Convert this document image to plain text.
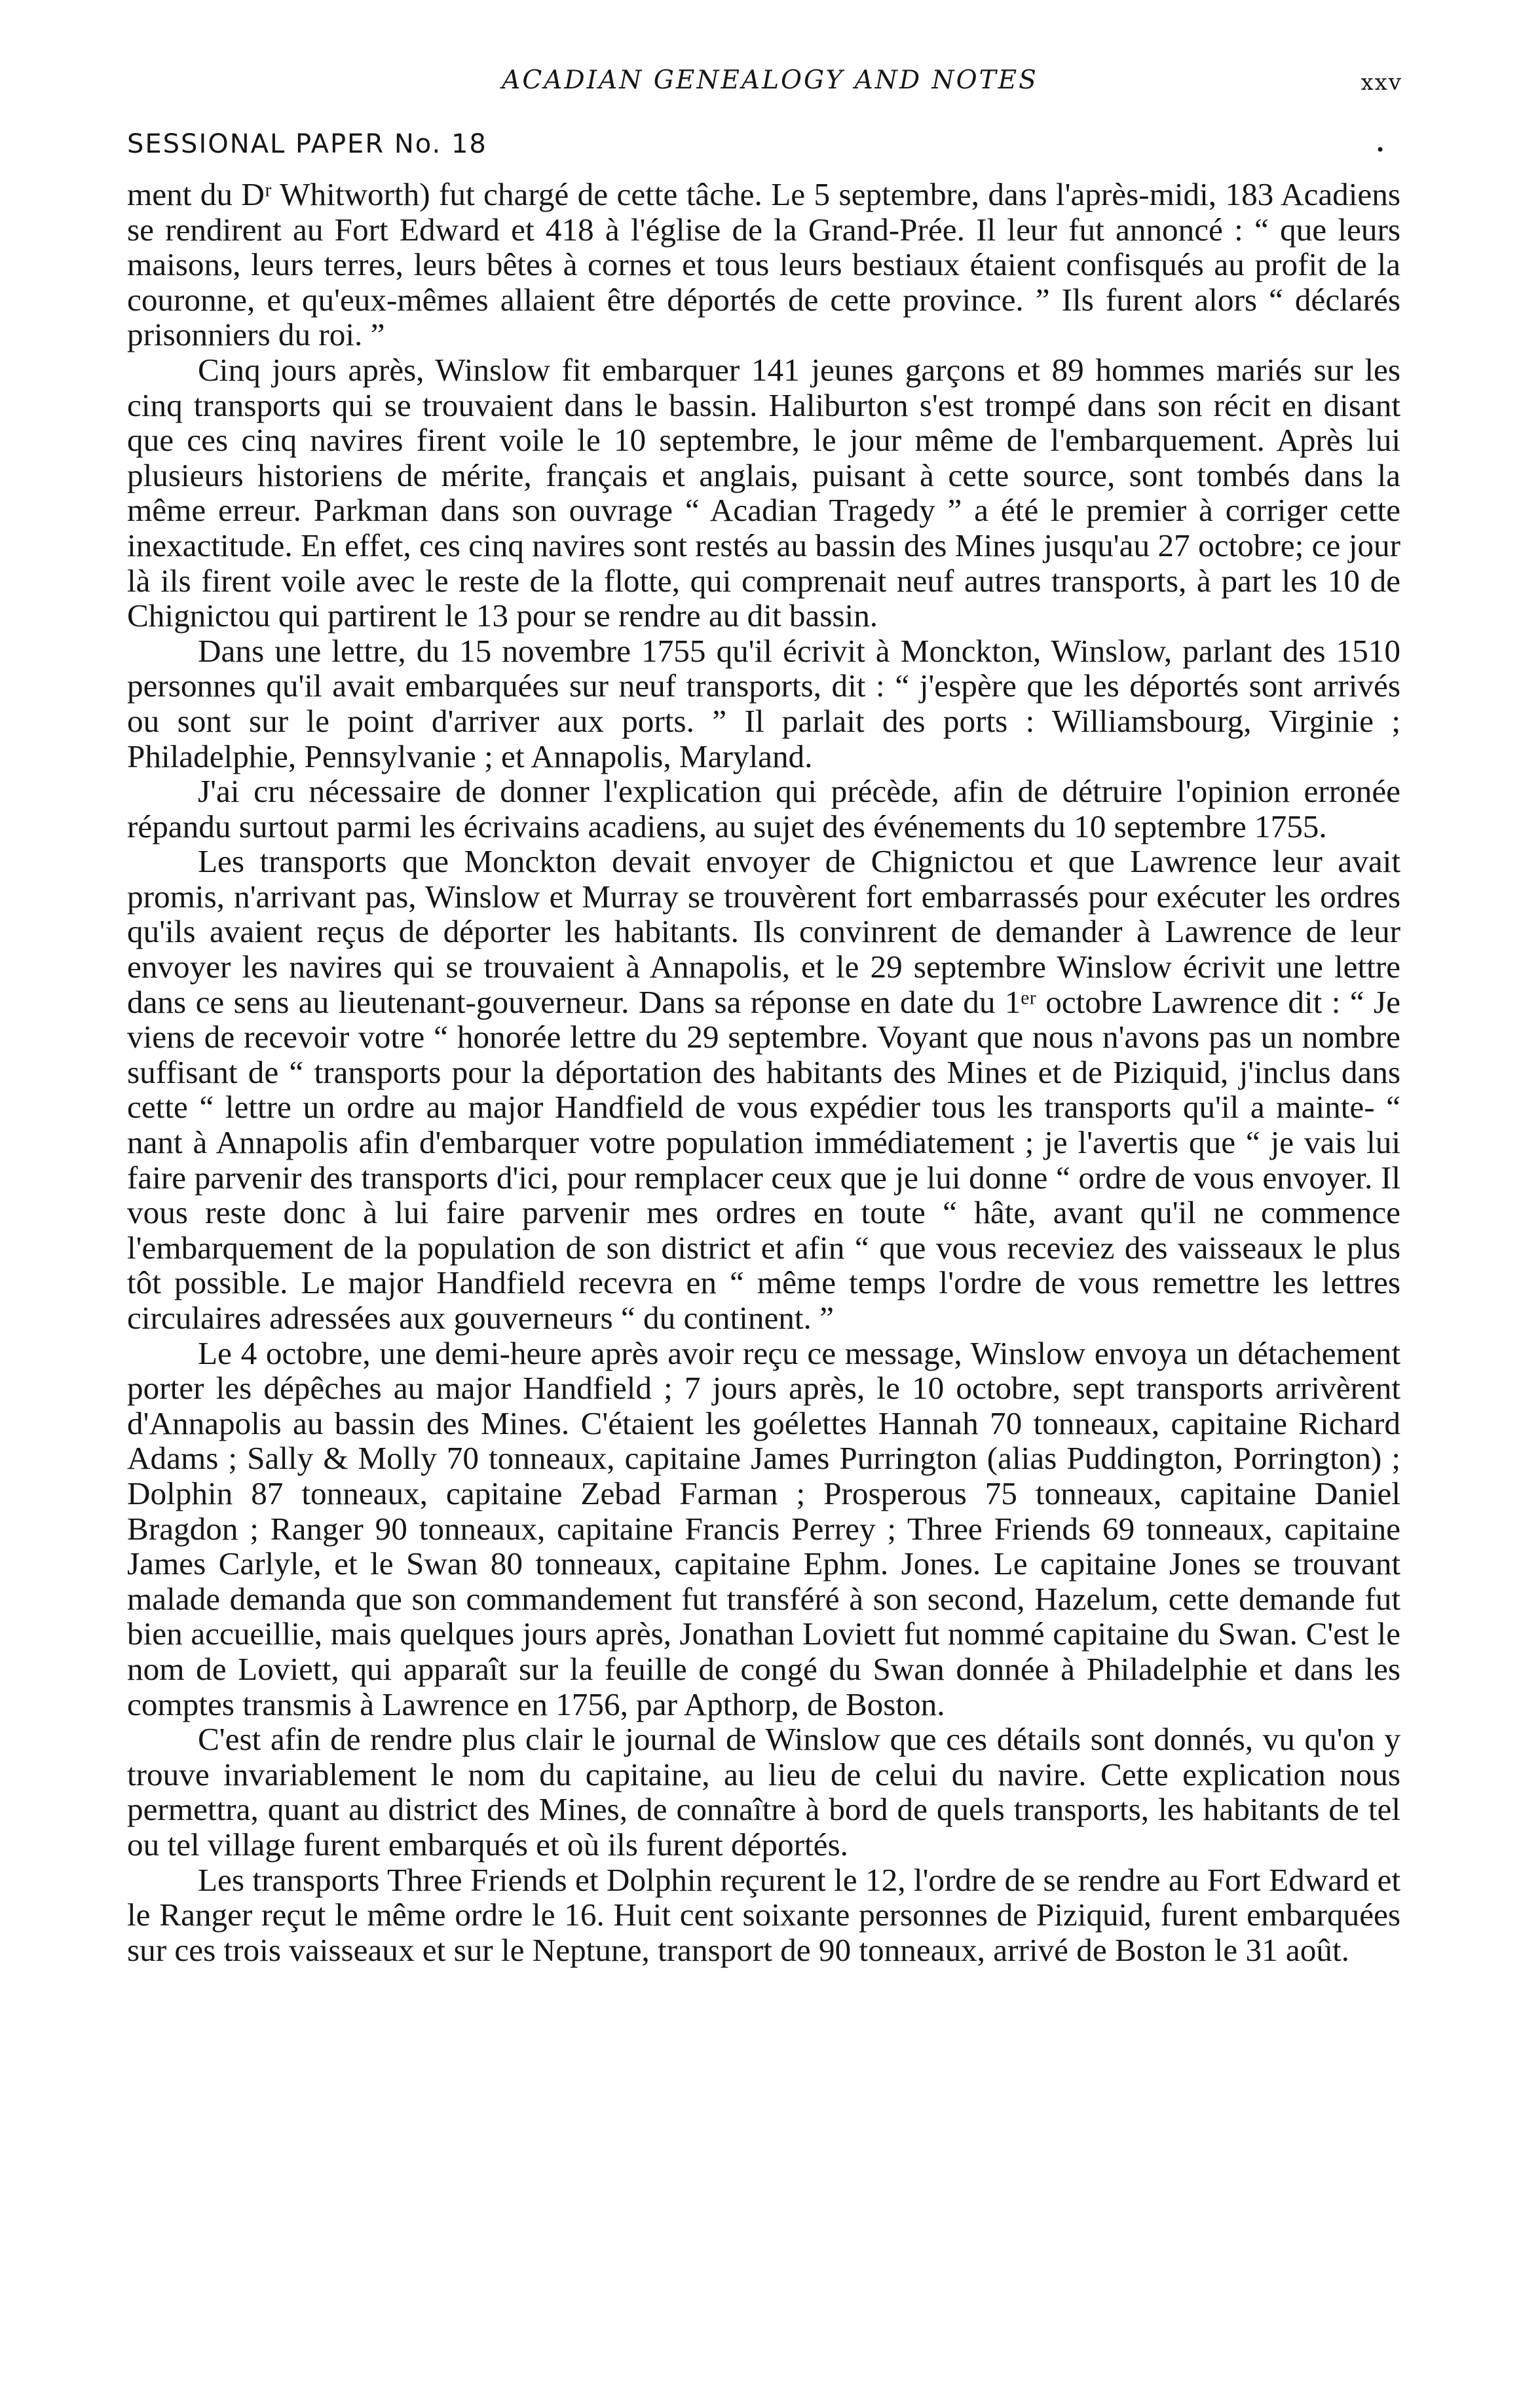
ACADIAN GENEALOGY AND NOTES	xxv
SESSIONAL PAPER No. 18	•

ment du Dʳ Whitworth) fut chargé de cette tâche. Le 5 septembre, dans l'après-midi, 183 Acadiens se rendirent au Fort Edward et 418 à l'église de la Grand-Prée. Il leur fut annoncé : “ que leurs maisons, leurs terres, leurs bêtes à cornes et tous leurs bestiaux étaient confisqués au profit de la couronne, et qu'eux-mêmes allaient être déportés de cette province. ” Ils furent alors “ déclarés prisonniers du roi. ”

Cinq jours après, Winslow fit embarquer 141 jeunes garçons et 89 hommes mariés sur les cinq transports qui se trouvaient dans le bassin. Haliburton s'est trompé dans son récit en disant que ces cinq navires firent voile le 10 septembre, le jour même de l'embarquement. Après lui plusieurs historiens de mérite, français et anglais, puisant à cette source, sont tombés dans la même erreur. Parkman dans son ouvrage “ Acadian Tragedy ” a été le premier à corriger cette inexactitude. En effet, ces cinq navires sont restés au bassin des Mines jusqu'au 27 octobre; ce jour là ils firent voile avec le reste de la flotte, qui comprenait neuf autres transports, à part les 10 de Chignictou qui partirent le 13 pour se rendre au dit bassin.

Dans une lettre, du 15 novembre 1755 qu'il écrivit à Monckton, Winslow, parlant des 1510 personnes qu'il avait embarquées sur neuf transports, dit : “ j'espère que les déportés sont arrivés ou sont sur le point d'arriver aux ports. ” Il parlait des ports : Williamsbourg, Virginie ; Philadelphie, Pennsylvanie ; et Annapolis, Maryland.

J'ai cru nécessaire de donner l'explication qui précède, afin de détruire l'opinion erronée répandu surtout parmi les écrivains acadiens, au sujet des événements du 10 septembre 1755.

Les transports que Monckton devait envoyer de Chignictou et que Lawrence leur avait promis, n'arrivant pas, Winslow et Murray se trouvèrent fort embarrassés pour exécuter les ordres qu'ils avaient reçus de déporter les habitants. Ils convinrent de demander à Lawrence de leur envoyer les navires qui se trouvaient à Annapolis, et le 29 septembre Winslow écrivit une lettre dans ce sens au lieutenant-gouverneur. Dans sa réponse en date du 1ᵉʳ octobre Lawrence dit : “ Je viens de recevoir votre “ honorée lettre du 29 septembre. Voyant que nous n'avons pas un nombre suffisant de “ transports pour la déportation des habitants des Mines et de Piziquid, j'inclus dans cette “ lettre un ordre au major Handfield de vous expédier tous les transports qu'il a mainte- “ nant à Annapolis afin d'embarquer votre population immédiatement ; je l'avertis que “ je vais lui faire parvenir des transports d'ici, pour remplacer ceux que je lui donne “ ordre de vous envoyer. Il vous reste donc à lui faire parvenir mes ordres en toute “ hâte, avant qu'il ne commence l'embarquement de la population de son district et afin “ que vous receviez des vaisseaux le plus tôt possible. Le major Handfield recevra en “ même temps l'ordre de vous remettre les lettres circulaires adressées aux gouverneurs “ du continent. ”

Le 4 octobre, une demi-heure après avoir reçu ce message, Winslow envoya un détachement porter les dépêches au major Handfield ; 7 jours après, le 10 octobre, sept transports arrivèrent d'Annapolis au bassin des Mines. C'étaient les goélettes Hannah 70 tonneaux, capitaine Richard Adams ; Sally & Molly 70 tonneaux, capitaine James Purrington (alias Puddington, Porrington) ; Dolphin 87 tonneaux, capitaine Zebad Farman ; Prosperous 75 tonneaux, capitaine Daniel Bragdon ; Ranger 90 tonneaux, capitaine Francis Perrey ; Three Friends 69 tonneaux, capitaine James Carlyle, et le Swan 80 tonneaux, capitaine Ephm. Jones. Le capitaine Jones se trouvant malade demanda que son commandement fut transféré à son second, Hazelum, cette demande fut bien accueillie, mais quelques jours après, Jonathan Loviett fut nommé capitaine du Swan. C'est le nom de Loviett, qui apparaît sur la feuille de congé du Swan donnée à Philadelphie et dans les comptes transmis à Lawrence en 1756, par Apthorp, de Boston.

C'est afin de rendre plus clair le journal de Winslow que ces détails sont donnés, vu qu'on y trouve invariablement le nom du capitaine, au lieu de celui du navire. Cette explication nous permettra, quant au district des Mines, de connaître à bord de quels transports, les habitants de tel ou tel village furent embarqués et où ils furent déportés.

Les transports Three Friends et Dolphin reçurent le 12, l'ordre de se rendre au Fort Edward et le Ranger reçut le même ordre le 16. Huit cent soixante personnes de Piziquid, furent embarquées sur ces trois vaisseaux et sur le Neptune, transport de 90 tonneaux, arrivé de Boston le 31 août.
